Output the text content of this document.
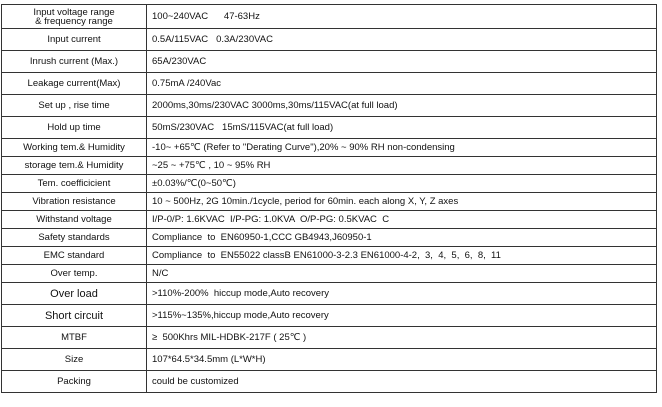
Input voltage range
& frequency range	100~240VAC      47-63Hz
Input current	0.5A/115VAC   0.3A/230VAC
Inrush current (Max.)	65A/230VAC
Leakage current(Max)	0.75mA /240Vac
Set up , rise time	2000ms,30ms/230VAC 3000ms,30ms/115VAC(at full load)
Hold up time	50mS/230VAC   15mS/115VAC(at full load)
Working tem.& Humidity	-10~ +65℃ (Refer to "Derating Curve"),20% ~ 90% RH non-condensing
storage tem.& Humidity	~25 ~ +75℃ , 10 ~ 95% RH
Tem. coefficicient	±0.03%/℃(0~50℃)
Vibration resistance	10 ~ 500Hz, 2G 10min./1cycle, period for 60min. each along X, Y, Z axes
Withstand voltage	I/P-0/P: 1.6KVAC  I/P-PG: 1.0KVA  O/P-PG: 0.5KVAC  C
Safety standards	Compliance  to  EN60950-1,CCC GB4943,J60950-1
EMC standard	Compliance  to  EN55022 classB EN61000-3-2.3 EN61000-4-2,  3,  4,  5,  6,  8,  11
Over temp.	N/C
Over load	>110%-200%  hiccup mode,Auto recovery
Short circuit	>115%~135%,hiccup mode,Auto recovery
MTBF	≥  500Khrs MIL-HDBK-217F ( 25℃ )
Size	107*64.5*34.5mm (L*W*H)
Packing	could be customized
